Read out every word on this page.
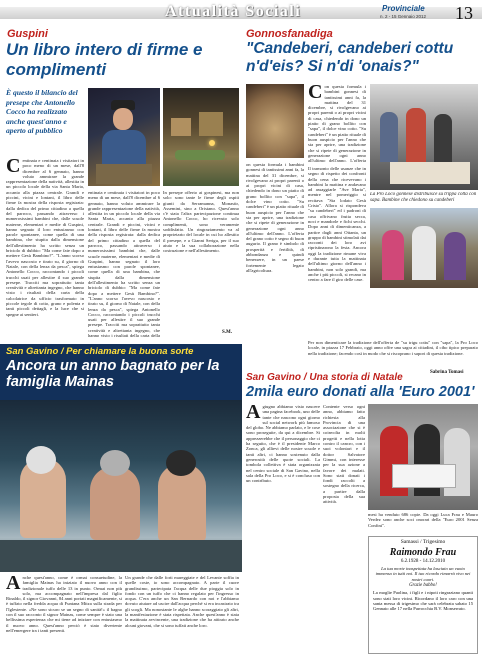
Attualità Sociali	Provinciale
n. 2 - 15 Gennaio 2012 13
Guspini
Un libro intero di firme e complimenti
È questo il bilancio del presepe che Antonello Cocco ha realizzato anche quest'anno e aperto al pubblico
C entinaia e centinaia i visitatori in poco meno di un mese, dall'8 dicembre al 6 gennaio, hanno voluto ammirare la grande rappresentazione della natività, allestita in un piccolo locale della via Santa Maria, accanto alla piazza centrale. Grandi e piccini, vicini e lontani, il libro delle firme fa mostra della risposta registrata: dalla dedica del primo cittadino a quella del parroco, passando attraverso i numerosissimi bambini che, dalle scuole materne, elementari e medie di Guspini, hanno segnato il loro entusiasmo con parole spontanee, come quella di una bambina, che stupita dalla dimensione dell'allestimento ha scritto senza un briciolo di dubbio: "Ma come fate dopo a mettere Gesù Bambino?". "L'anno scorso l'avevo nascosto e tirato su, il giorno di Natale, con della lenza da pesca", spiega Antonello Cocco, raccontando i piccoli trucchi usati per allestire il suo grande presepe. Tracciti ma soprattutto tanta creatività e altrettanta ingegno, che hanno visto i risultati della carta della calcolatrice da ufficio trasformato in piccole tegole di cotto, grano e polenta e tanti piccoli dettagli, e la luce che si spegne ai sentieri.
entinaia e centinaia i visitatori in poco meno di un mese, dall'8 dicembre al 6 gennaio, hanno voluto ammirare la grande rappresentazione della natività, allestita in un piccolo locale della via Santa Maria, accanto alla piazza centrale. Grandi e piccini, vicini e lontani, il libro delle firme fa mostra della risposta registrata: dalla dedica del primo cittadino a quella del parroco, passando attraverso i numerosissimi bambini che, dalle scuole materne, elementari e medie di Guspini, hanno segnato il loro entusiasmo con parole spontanee, come quella di una bambina, che stupita dalla dimensione dell'allestimento ha scritto senza un briciolo di dubbio: "Ma come fate dopo a mettere Gesù Bambino?". "L'anno scorso l'avevo nascosto e tirato su, il giorno di Natale, con della lenza da pesca", spiega Antonello Cocco, raccontando i piccoli trucchi usati per allestire il suo grande presepe. Tracciti ma soprattutto tanta creatività e altrettanta ingegno, che hanno visto i risultati della carta della
In presepe offerto ai gospinesi, ma non solo: sono tante le firme degli ospiti giunti da Serramanna, Monastir, Assemini, sino a Oristano. Quest'anno c'è stata l'altra partecipazione continua Antonello Cocco, ho ricevuto solo complimenti, sono veramente soddisfatto. Un ringraziamento va al proprietario del locale in cui ho allestito il presepe, e a Gianni Serigu, per il suo aiuto e la sua collaborazione nella costruzione e nell'allestimento.
S.M.
Gonnosfanadiga
"Candeberi, candeberi cottu n'd'eis? Si n'di 'onais?"
on questa formula i bambini gonnesi di tantissimi anni fa, la mattina del 31 dicembre, si rivolgevano ai propri parenti o ai propri vicini di casa, chiedendo in dono un piatto di grano bollito con "sapa", il dolce vino cotto. "Su candeberi" è un piatto rituale di buon auspicio per l'anno che sta per aprire, una tradizione che si ripete di generazione in generazione ogni anno all'ultimo dell'anno. L'offerta del grano cotto è segno di buon augurio. Il grano è simbolo di prosperità e fertilità, di abbondanza e quindi benessere, in un paese fortemente legato all'agricoltura.
C on questa formula i bambini gonnesi di tantissimi anni fa, la mattina del 31 dicembre, si rivolgevano ai propri parenti o ai propri vicini di casa, chiedendo in dono un piatto di grano bollito con "sapa", il dolce vino cotto. "Su candeberi" è un piatto rituale di buon auspicio per l'anno che sta per aprire, una tradizione che si ripete di generazione in generazione ogni anno all'ultimo dell'anno. L'offerta
Il tramonto delle usanze che in segno di rispetto dei confronti della cena che ricevevano i bambini la mattina e andavano ad assaggiarle "Ave Maria", mentre nel pomeriggio si recitava "Sia lodato Gesù Cristo". Allora si rispondeva "su candeberi" ed i padroni di casa offrivano frutta secca, noci e mandorle e fichi secchi. Dopo anni di dimenticanza, a partire dagli anni Ottanta, un gruppo di bambini stimolati dai racconti dei loro avi ripristinarono la festa. Ancora oggi la tradizione rimane viva e durante tutta la mattinata dell'ultimo giorno dell'anno i bambini, non solo grandi, ma anche i più piccoli, si recano in centro a fare il giro delle case.
La Pro Loco gonnese distribuisce su trippa cotta con sapa. Bambine che chiedono su candeberi
Per non dimenticare la tradizione dell'offerta de "su trigu cottu" con "sapa", la Pro Loco locale, in piazza 17 Febbraio, oggi anno offre una sagra ai cittadini, il cibo tipico preparato nella tradizione; facendo così in modo che si riscoprano i sapori di questa tradizione.
Sabrina Tomasi
San Gavino / Per chiamare la buona sorte
Ancora un anno bagnato per la famiglia Mainas
A nche quest'anno, come è ormai consuetudine, la famiglia Mainas ha iniziato il nuovo anno con il tradizionale tuffo delle 13 in punto. Ormai non più solo, ma accompagnato nell'impresa dal figlio Rinaldo, il signor Giovanni, 84 anni portati magnificamente, si è tuffato nella fredda acqua di Funtana Mitza sulla strada per l'Iglesiente. «Ne sono sicuro se un segno di sanità!» il bagno con il suo racconto il signor Mainas, come sempre è stato una bellissima esperienza che mi tiene ad iniziare con entusiasmo il nuovo anno. Quest'anno perciò è stato divertente nell'emergere tra i tanti presenti.
Un grande che dalle forti mareggiate e del Levante soffia in quelle coste, io sono accompagnato. A parte il cuore grandissimo, partecipata l'acqua delle due pioggia solo in fondo con un tuffo che ci hanno regalato per l'ingresso in acqua. C'era anche un San Bernardo con noi e l'abbiamo dovuto aiutare ad uscire dall'acqua perché si era incastrato tra gli scogli. Ma nonostante le alghe hanno scoraggiato gli altri, la manifestazione è stata rispettata. Anche quest'anno è stata la mattinata avvincente, una tradizione che ha attirato anche alcuni giovani, che si sono tuffati anche loro.
San Gavino / Una storia di Natale
2mila euro donati alla 'Euro 2001'
A giugno abbiamo visto nascere una pagina facebook, uno delle tante che nascono ogni giorno sul social network più famoso del globo. Ne abbiamo parlato, e le cose sono proseguite, da qui a dicembre. Si apprezzerebbe che il personaggio che ci ha seguito, che è il presidente Marco Zonca, gli allievi delle nostre scuole e tanti altri, ci hanno sostenuto dalla generosità delle quote sociali. La tombola collettiva è stata organizzata nel centro sociale di San Gavino, nella sala della Pro Loco, e si è concluso con un contributo.
Contente verso ogni anno, abbiamo fatto richiesta alla Provincia di una associazione che si è coinvolta in molti progetti e nella lotta contro il cancro, con i suoi volontari e il dottor Salvatore Gimmi, con interesse per la sua azione a favore dei malati. Sono stati donati i fondi raccolti a sostegno della ricerca, a partire dalla proposta della sua attività.
mesi ha venduto 686 copie. Da oggi Luca Frau e Mauro Verdez sono anche soci onorari della "Euro 2001 Senza Confini".
Samassi / Trigesimo
Raimondo Frau
6.2.1928 - 14.12.2010
La tua morte inaspettata ha lasciato un vuoto immenso in tutti noi. Il tuo ricordo rimarrà vivo nei nostri cuori.
Grazie babbo!
La moglie Paolina, i figli e i nipoti ringraziano quanti sono stati loro vicini. Ricordano il loro caro con una santa messa di trigesimo che sarà celebrata sabato 15 Gennaio alle 17 nella Parrocchia B.V. Monserrato.
